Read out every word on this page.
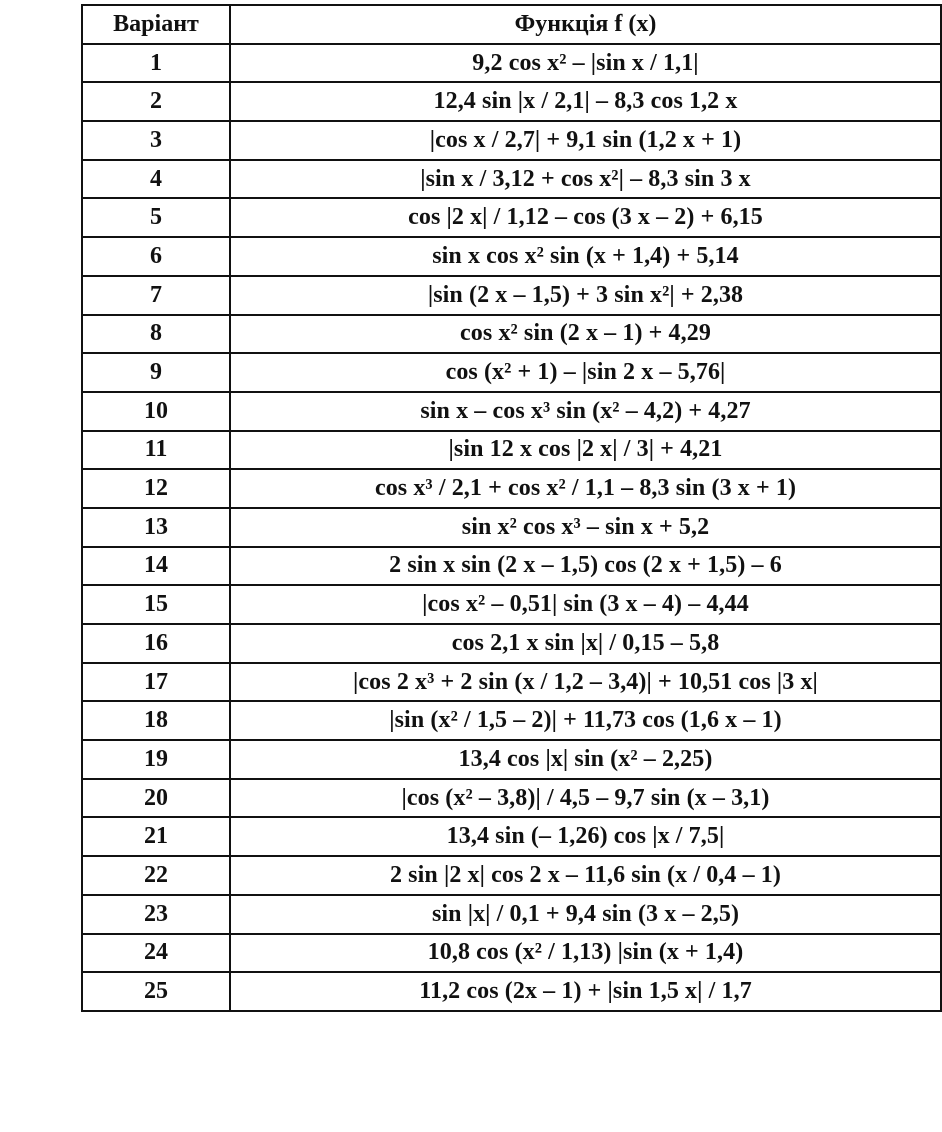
Варіант	Функція f (x)
1	9,2 cos x² – |sin x / 1,1|
2	12,4 sin |x / 2,1| – 8,3 cos 1,2 x
3	|cos x / 2,7| + 9,1 sin (1,2 x + 1)
4	|sin x / 3,12 + cos x²| – 8,3 sin 3 x
5	cos |2 x| / 1,12 – cos (3 x – 2) + 6,15
6	sin x cos x² sin (x + 1,4) + 5,14
7	|sin (2 x – 1,5) + 3 sin x²| + 2,38
8	cos x² sin (2 x – 1) + 4,29
9	cos (x² + 1) – |sin 2 x – 5,76|
10	sin x – cos x³ sin (x² – 4,2) + 4,27
11	|sin 12 x cos |2 x| / 3| + 4,21
12	cos x³ / 2,1 + cos x² / 1,1 – 8,3 sin (3 x + 1)
13	sin x² cos x³ – sin x + 5,2
14	2 sin x sin (2 x – 1,5) cos (2 x + 1,5) – 6
15	|cos x² – 0,51| sin (3 x – 4) – 4,44
16	cos 2,1 x sin |x| / 0,15 – 5,8
17	|cos 2 x³ + 2 sin (x / 1,2 – 3,4)| + 10,51 cos |3 x|
18	|sin (x² / 1,5 – 2)| + 11,73 cos (1,6 x – 1)
19	13,4 cos |x| sin (x² – 2,25)
20	|cos (x² – 3,8)| / 4,5 – 9,7 sin (x – 3,1)
21	13,4 sin (– 1,26) cos |x / 7,5|
22	2 sin |2 x| cos 2 x – 11,6 sin (x / 0,4 – 1)
23	sin |x| / 0,1 + 9,4 sin (3 x – 2,5)
24	10,8 cos (x² / 1,13) |sin (x + 1,4)
25	11,2 cos (2x – 1) + |sin 1,5 x| / 1,7
